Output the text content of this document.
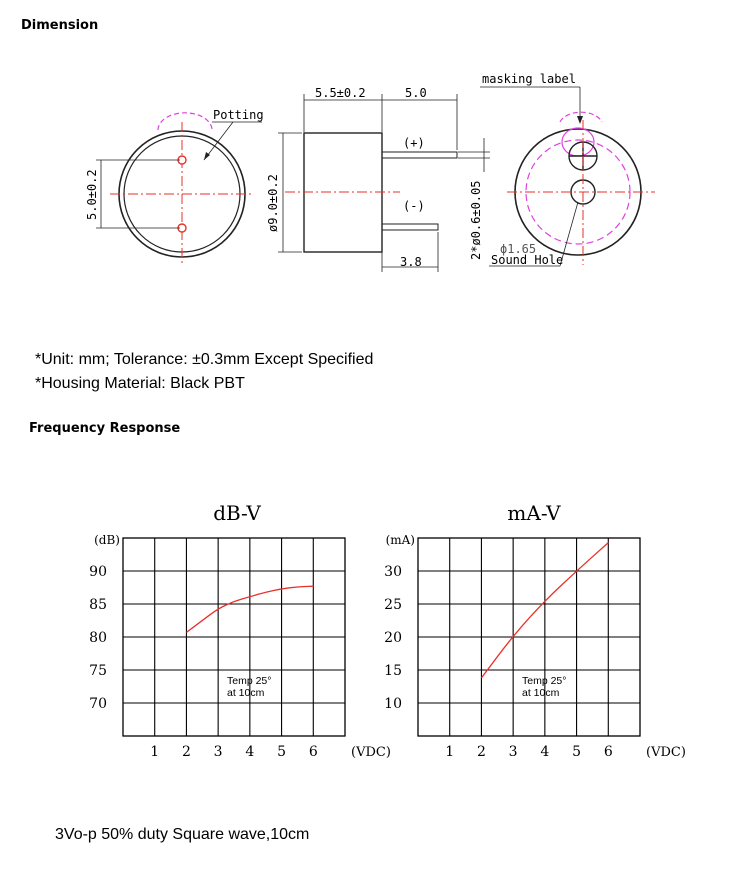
Dimension
5.0±0.2
Potting
(+)
(-)
5.5±0.2	5.0
ø9.0±0.2
3.8
2*ø0.6±0.05
masking label
ϕ1.65
Sound Hole
*Unit: mm; Tolerance: ±0.3mm Except Specified
*Housing Material: Black PBT
Frequency Response
dB-V
(dB)
90
85
80
75
70
1 2 3 4 5 6	(VDC)
Temp 25°
at 10cm
mA-V
(mA)
30
25
20
15
10
1 2 3 4 5 6	(VDC)
Temp 25°
at 10cm
3Vo-p 50% duty Square wave,10cm
